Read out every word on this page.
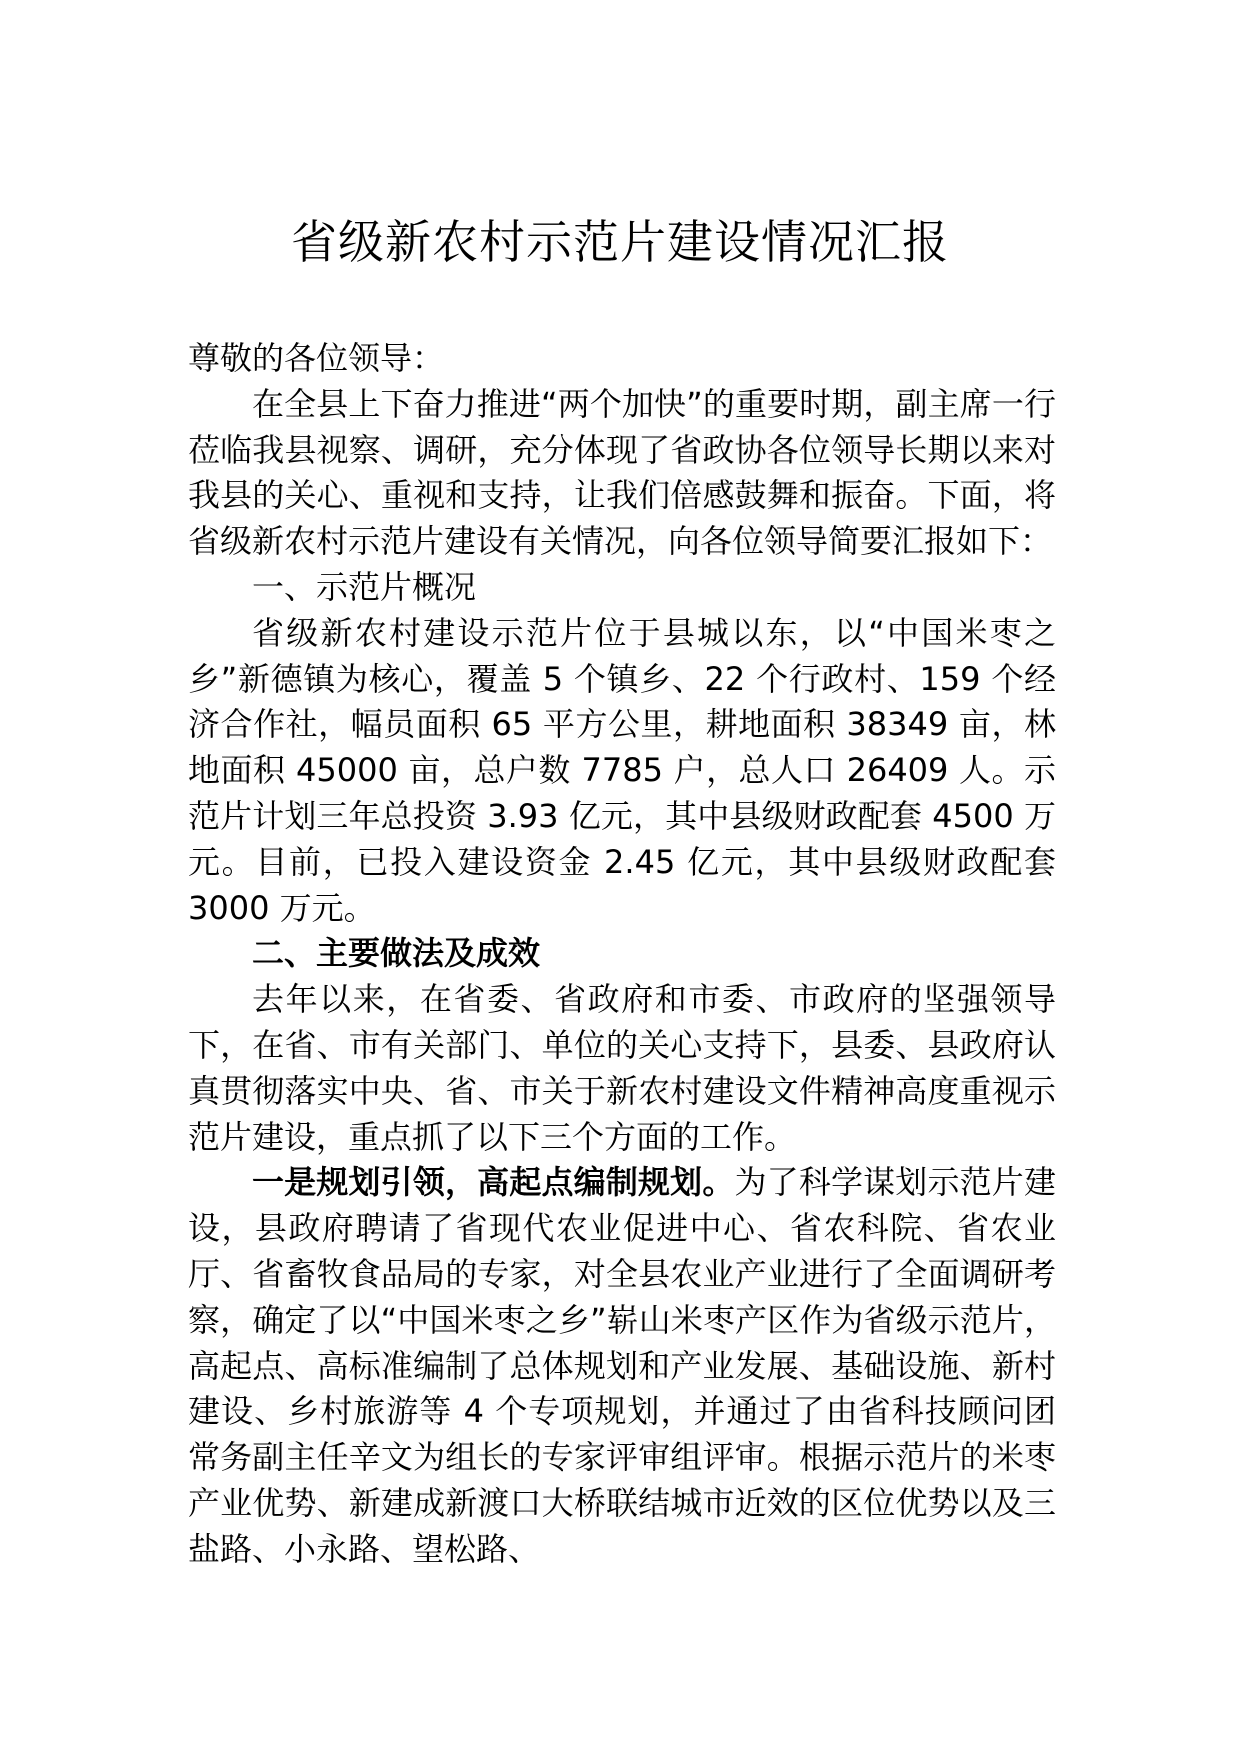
省级新农村示范片建设情况汇报

尊敬的各位领导：

在全县上下奋力推进“两个加快”的重要时期，副主席一行莅临我县视察、调研，充分体现了省政协各位领导长期以来对我县的关心、重视和支持，让我们倍感鼓舞和振奋。下面，将省级新农村示范片建设有关情况，向各位领导简要汇报如下：

一、示范片概况

省级新农村建设示范片位于县城以东，以“中国米枣之乡”新德镇为核心，覆盖 5 个镇乡、22 个行政村、159 个经济合作社，幅员面积 65 平方公里，耕地面积 38349 亩，林地面积 45000 亩，总户数 7785 户，总人口 26409 人。示范片计划三年总投资 3.93 亿元，其中县级财政配套 4500 万元。目前，已投入建设资金 2.45 亿元，其中县级财政配套 3000 万元。

二、主要做法及成效

去年以来，在省委、省政府和市委、市政府的坚强领导下，在省、市有关部门、单位的关心支持下，县委、县政府认真贯彻落实中央、省、市关于新农村建设文件精神高度重视示范片建设，重点抓了以下三个方面的工作。

一是规划引领，高起点编制规划。为了科学谋划示范片建设，县政府聘请了省现代农业促进中心、省农科院、省农业厅、省畜牧食品局的专家，对全县农业产业进行了全面调研考察，确定了以“中国米枣之乡”崭山米枣产区作为省级示范片，高起点、高标准编制了总体规划和产业发展、基础设施、新村建设、乡村旅游等 4 个专项规划，并通过了由省科技顾问团常务副主任辛文为组长的专家评审组评审。根据示范片的米枣产业优势、新建成新渡口大桥联结城市近效的区位优势以及三盐路、小永路、望松路、
